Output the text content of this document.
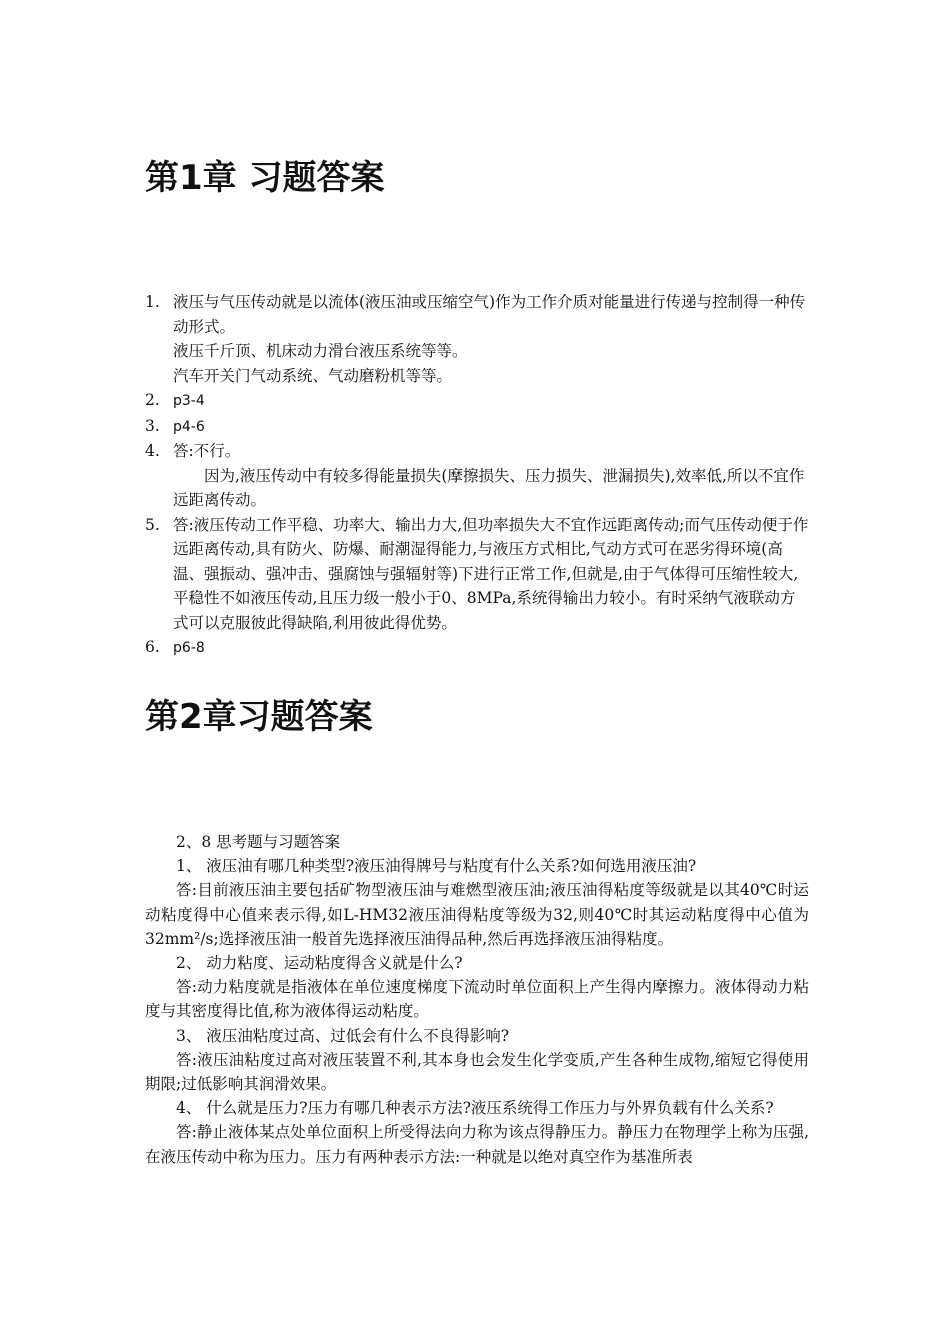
第1章 习题答案
1. 液压与气压传动就是以流体(液压油或压缩空气)作为工作介质对能量进行传递与控制得一种传动形式。
液压千斤顶、机床动力滑台液压系统等等。
汽车开关门气动系统、气动磨粉机等等。
2. p3-4
3. p4-6
4. 答:不行。
因为,液压传动中有较多得能量损失(摩擦损失、压力损失、泄漏损失),效率低,所以不宜作远距离传动。
5. 答:液压传动工作平稳、功率大、输出力大,但功率损失大不宜作远距离传动;而气压传动便于作远距离传动,具有防火、防爆、耐潮湿得能力,与液压方式相比,气动方式可在恶劣得环境(高温、强振动、强冲击、强腐蚀与强辐射等)下进行正常工作,但就是,由于气体得可压缩性较大,平稳性不如液压传动,且压力级一般小于0、8MPa,系统得输出力较小。有时采纳气液联动方式可以克服彼此得缺陷,利用彼此得优势。
6. p6-8
第2章习题答案

2、8 思考题与习题答案

1、 液压油有哪几种类型?液压油得牌号与粘度有什么关系?如何选用液压油?

答:目前液压油主要包括矿物型液压油与难燃型液压油;液压油得粘度等级就是以其40℃时运动粘度得中心值来表示得,如L-HM32液压油得粘度等级为32,则40℃时其运动粘度得中心值为32mm²/s;选择液压油一般首先选择液压油得品种,然后再选择液压油得粘度。

2、 动力粘度、运动粘度得含义就是什么?

答:动力粘度就是指液体在单位速度梯度下流动时单位面积上产生得内摩擦力。液体得动力粘度与其密度得比值,称为液体得运动粘度。

3、 液压油粘度过高、过低会有什么不良得影响?

答:液压油粘度过高对液压装置不利,其本身也会发生化学变质,产生各种生成物,缩短它得使用期限;过低影响其润滑效果。

4、 什么就是压力?压力有哪几种表示方法?液压系统得工作压力与外界负载有什么关系?

答:静止液体某点处单位面积上所受得法向力称为该点得静压力。静压力在物理学上称为压强,在液压传动中称为压力。压力有两种表示方法:一种就是以绝对真空作为基准所表
